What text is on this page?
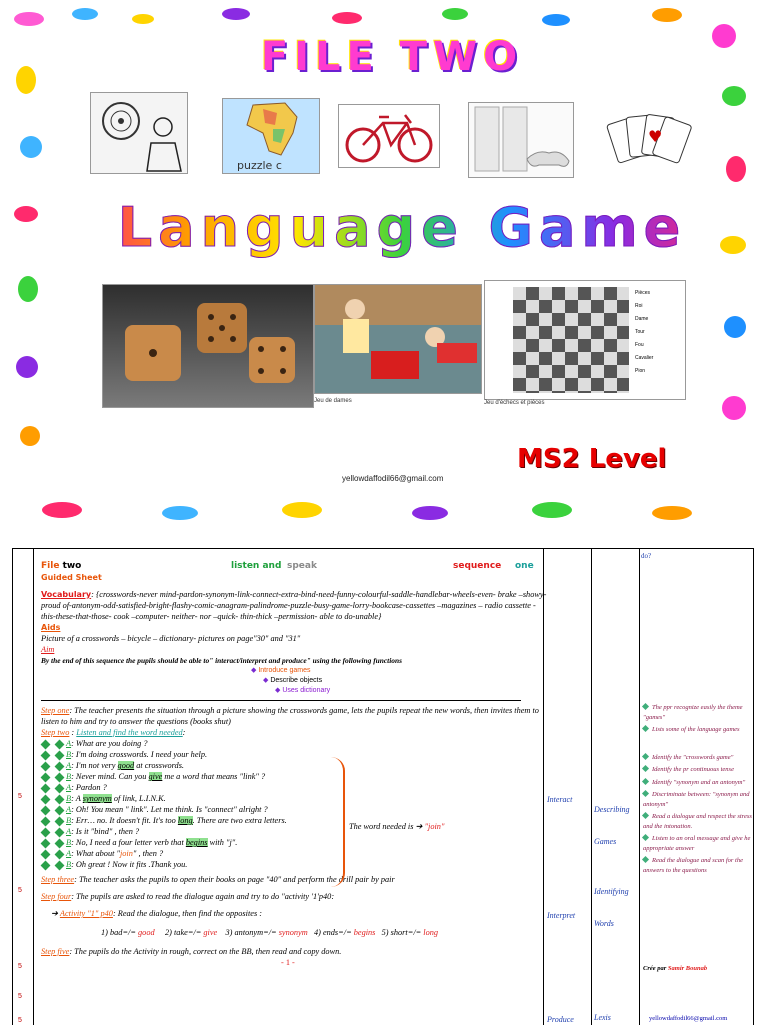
FILE TWO
puzzle c
♥
Language Game
Jeu de dames
Pièces
Roi
Dame
Tour
Fou
Cavalier
Pion
Jeu d'échecs et pièces
MS2 Level
yellowdaffodil66@gmail.com
do?
5
5
5
5
5
File two	listen and speak	sequence one
Guided Sheet
Vocabulary: {crosswords-never mind-pardon-synonym-link-connect-extra-bind-need-funny-colourful-saddle-handlebar-wheels-even- brake –showy-proud of-antonym-odd-satisfied-bright-flashy-comic-anagram-palindrome-puzzle-busy-game-lorry-bookcase-cassettes –magazines – radio cassette - this-these-that-those- cook –computer- neither- nor –quick- thin-thick –permission- able to do-unable}
Aids
Picture of a crosswords – bicycle – dictionary- pictures on page"30" and "31"
Aim
By the end of this sequence the pupils should be able to" interact/interpret and produce" using the following functions
◆ Introduce games
◆ Describe objects
◆ Uses dictionary
Step one: The teacher presents the situation through a picture showing the crosswords game, lets the pupils repeat the new words, then invites them to listen to him and try to answer the questions (books shut)
Step two : Listen and find the word needed:
A: What are you doing ?
B: I'm doing crosswords. I need your help.
A: I'm not very good at crosswords.
B: Never mind. Can you give me a word that means "link" ?
A: Pardon ?
B: A synonym of link, L.I.N.K.
A: Oh! You mean " link". Let me think. Is "connect" alright ?
B: Err… no. It doesn't fit. It's too long. There are two extra letters.
A: Is it "bind" , then ?
B: No, I need a four letter verb that begins with "j".
A: What about "join" , then ?
B: Oh great ! Now it fits .Thank you.
Step three: The teacher asks the pupils to open their books on page "40" and perform the drill pair by pair
Step four: The pupils are asked to read the dialogue again and try to do "activity '1'p40:
➔ Activity "1" p40: Read the dialogue, then find the opposites :
1) bad=/= good 2) take=/= give 3) antonym=/= synonym 4) ends=/= begins 5) short=/= long
Step five: The pupils do the Activity in rough, correct on the BB, then read and copy down.
- 1 -
The word needed is ➔ "join"
Interact
Interpret
Produce
Describing
Games
Identifying
Words
Lexis
The ppr recognize easily the theme "games"
Lists some of the language games
Identify the "crosswords game"
Identify the pr continuous tense
Identify "synonym and an antonym"
Discriminate between: "synonym and antonym"
Read a dialogue and respect the stress and the intonation.
Listen to an oral message and give he appropriate answer
Read the dialogue and scan for the answers to the questions
Crée par Samir Bounab
yellowdaffodil66@gmail.com
